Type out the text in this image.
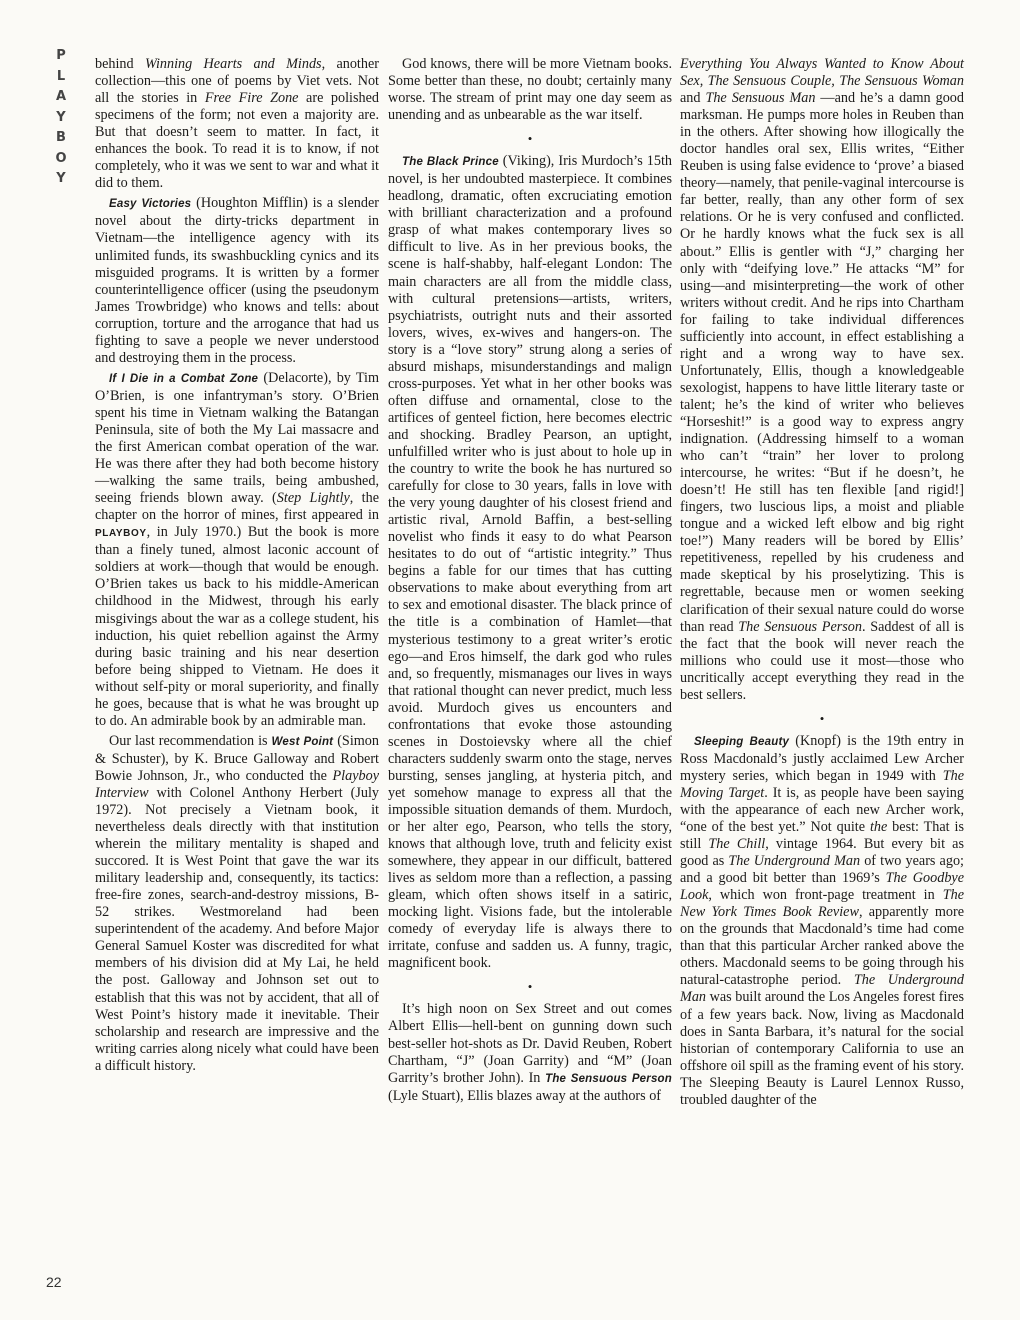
P
L
A
Y
B
O
Y

behind Winning Hearts and Minds, another collection—this one of poems by Viet vets. Not all the stories in Free Fire Zone are polished specimens of the form; not even a majority are. But that doesn’t seem to matter. In fact, it enhances the book. To read it is to know, if not completely, who it was we sent to war and what it did to them.

Easy Victories (Houghton Mifflin) is a slender novel about the dirty-tricks department in Vietnam—the intelligence agency with its unlimited funds, its swashbuckling cynics and its misguided programs. It is written by a former counterintelligence officer (using the pseudonym James Trowbridge) who knows and tells: about corruption, torture and the arrogance that had us fighting to save a people we never understood and destroying them in the process.

If I Die in a Combat Zone (Delacorte), by Tim O’Brien, is one infantryman’s story. O’Brien spent his time in Vietnam walking the Batangan Peninsula, site of both the My Lai massacre and the first American combat operation of the war. He was there after they had both become history —walking the same trails, being ambushed, seeing friends blown away. (Step Lightly, the chapter on the horror of mines, first appeared in PLAYBOY, in July 1970.) But the book is more than a finely tuned, almost laconic account of soldiers at work—though that would be enough. O’Brien takes us back to his middle-American childhood in the Midwest, through his early misgivings about the war as a college student, his induction, his quiet rebellion against the Army during basic training and his near desertion before being shipped to Vietnam. He does it without self-pity or moral superiority, and finally he goes, because that is what he was brought up to do. An admirable book by an admirable man.

Our last recommendation is West Point (Simon & Schuster), by K. Bruce Galloway and Robert Bowie Johnson, Jr., who conducted the Playboy Interview with Colonel Anthony Herbert (July 1972). Not precisely a Vietnam book, it nevertheless deals directly with that institution wherein the military mentality is shaped and succored. It is West Point that gave the war its military leadership and, consequently, its tactics: free-fire zones, search-and-destroy missions, B-52 strikes. Westmoreland had been superintendent of the academy. And before Major General Samuel Koster was discredited for what members of his division did at My Lai, he held the post. Galloway and Johnson set out to establish that this was not by accident, that all of West Point’s history made it inevitable. Their scholarship and research are impressive and the writing carries along nicely what could have been a difficult history.

God knows, there will be more Vietnam books. Some better than these, no doubt; certainly many worse. The stream of print may one day seem as unending and as unbearable as the war itself.

•

The Black Prince (Viking), Iris Murdoch’s 15th novel, is her undoubted masterpiece. It combines headlong, dramatic, often excruciating emotion with brilliant characterization and a profound grasp of what makes contemporary lives so difficult to live. As in her previous books, the scene is half-shabby, half-elegant London: The main characters are all from the middle class, with cultural pretensions—artists, writers, psychiatrists, outright nuts and their assorted lovers, wives, ex-wives and hangers-on. The story is a “love story” strung along a series of absurd mishaps, misunderstandings and malign cross-purposes. Yet what in her other books was often diffuse and ornamental, close to the artifices of genteel fiction, here becomes electric and shocking. Bradley Pearson, an uptight, unfulfilled writer who is just about to hole up in the country to write the book he has nurtured so carefully for close to 30 years, falls in love with the very young daughter of his closest friend and artistic rival, Arnold Baffin, a best-selling novelist who finds it easy to do what Pearson hesitates to do out of “artistic integrity.” Thus begins a fable for our times that has cutting observations to make about everything from art to sex and emotional disaster. The black prince of the title is a combination of Hamlet—that mysterious testimony to a great writer’s erotic ego—and Eros himself, the dark god who rules and, so frequently, mismanages our lives in ways that rational thought can never predict, much less avoid. Murdoch gives us encounters and confrontations that evoke those astounding scenes in Dostoievsky where all the chief characters suddenly swarm onto the stage, nerves bursting, senses jangling, at hysteria pitch, and yet somehow manage to express all that the impossible situation demands of them. Murdoch, or her alter ego, Pearson, who tells the story, knows that although love, truth and felicity exist somewhere, they appear in our difficult, battered lives as seldom more than a reflection, a passing gleam, which often shows itself in a satiric, mocking light. Visions fade, but the intolerable comedy of everyday life is always there to irritate, confuse and sadden us. A funny, tragic, magnificent book.

•

It’s high noon on Sex Street and out comes Albert Ellis—hell-bent on gunning down such best-seller hot-shots as Dr. David Reuben, Robert Chartham, “J” (Joan Garrity) and “M” (Joan Garrity’s brother John). In The Sensuous Person (Lyle Stuart), Ellis blazes away at the authors of

Everything You Always Wanted to Know About Sex, The Sensuous Couple, The Sensuous Woman and The Sensuous Man —and he’s a damn good marksman. He pumps more holes in Reuben than in the others. After showing how illogically the doctor handles oral sex, Ellis writes, “Either Reuben is using false evidence to ‘prove’ a biased theory—namely, that penile-vaginal intercourse is far better, really, than any other form of sex relations. Or he is very confused and conflicted. Or he hardly knows what the fuck sex is all about.” Ellis is gentler with “J,” charging her only with “deifying love.” He attacks “M” for using—and misinterpreting—the work of other writers without credit. And he rips into Chartham for failing to take individual differences sufficiently into account, in effect establishing a right and a wrong way to have sex. Unfortunately, Ellis, though a knowledgeable sexologist, happens to have little literary taste or talent; he’s the kind of writer who believes “Horseshit!” is a good way to express angry indignation. (Addressing himself to a woman who can’t “train” her lover to prolong intercourse, he writes: “But if he doesn’t, he doesn’t! He still has ten flexible [and rigid!] fingers, two luscious lips, a moist and pliable tongue and a wicked left elbow and big right toe!”) Many readers will be bored by Ellis’ repetitiveness, repelled by his crudeness and made skeptical by his proselytizing. This is regrettable, because men or women seeking clarification of their sexual nature could do worse than read The Sensuous Person. Saddest of all is the fact that the book will never reach the millions who could use it most—those who uncritically accept everything they read in the best sellers.

•

Sleeping Beauty (Knopf) is the 19th entry in Ross Macdonald’s justly acclaimed Lew Archer mystery series, which began in 1949 with The Moving Target. It is, as people have been saying with the appearance of each new Archer work, “one of the best yet.” Not quite the best: That is still The Chill, vintage 1964. But every bit as good as The Underground Man of two years ago; and a good bit better than 1969’s The Goodbye Look, which won front-page treatment in The New York Times Book Review, apparently more on the grounds that Macdonald’s time had come than that this particular Archer ranked above the others. Macdonald seems to be going through his natural-catastrophe period. The Underground Man was built around the Los Angeles forest fires of a few years back. Now, living as Macdonald does in Santa Barbara, it’s natural for the social historian of contemporary California to use an offshore oil spill as the framing event of his story. The Sleeping Beauty is Laurel Lennox Russo, troubled daughter of the

22
